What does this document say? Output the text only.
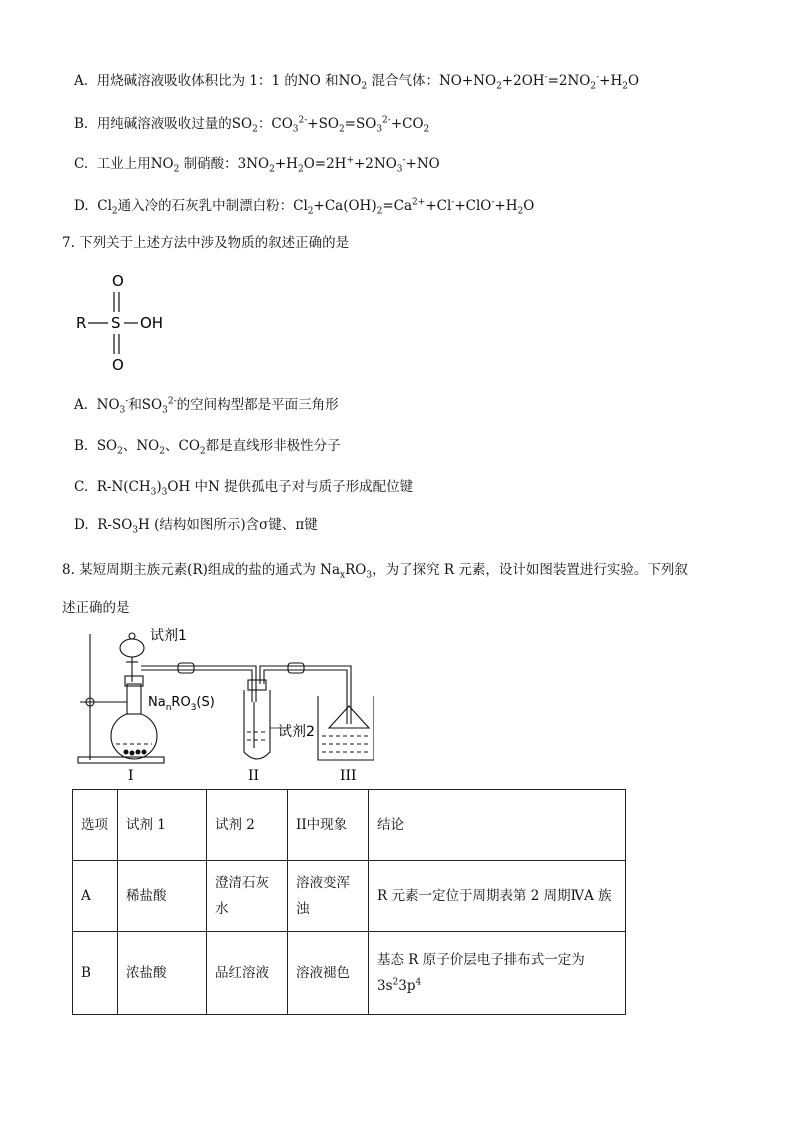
A. 用烧碱溶液吸收体积比为 1：1 的NO 和$NO_2$ 混合气体：$NO+NO_2+2OH^-=2NO_2^-+H_2O$
B. 用纯碱溶液吸收过量的$SO_2$：$CO_3^{2-}+SO_2=SO_3^{2-}+CO_2$
C. 工业上用$NO_2$ 制硝酸：$3NO_2+H_2O=2H^++2NO_3^-+NO$
D. $Cl_2$通入冷的石灰乳中制漂白粉：$Cl_2+Ca(OH)_2=Ca^{2+}+Cl^-+ClO^-+H_2O$
7. 下列关于上述方法中涉及物质的叙述正确的是
O
R S OH
O
A. $NO_3^-$和$SO_3^{2-}$的空间构型都是平面三角形
B. $SO_2$、$NO_2$、$CO_2$都是直线形非极性分子
C. $R-N(CH_3)_3OH$ 中N 提供孤电子对与质子形成配位键
D. $R-SO_3H$ (结构如图所示)含σ键、π键
8. 某短周期主族元素(R)组成的盐的通式为 $Na_xRO_3$，为了探究 R 元素，设计如图装置进行实验。下列叙
述正确的是
试剂1
$Na_nRO_3(S)$
试剂2
I	II	III
选项	试剂 1	试剂 2	II中现象	结论
A	稀盐酸	澄清石灰水	溶液变浑浊	R 元素一定位于周期表第 2 周期ⅣA 族
B	浓盐酸	品红溶液	溶液褪色	基态 R 原子价层电子排布式一定为
$3s^23p^4$
